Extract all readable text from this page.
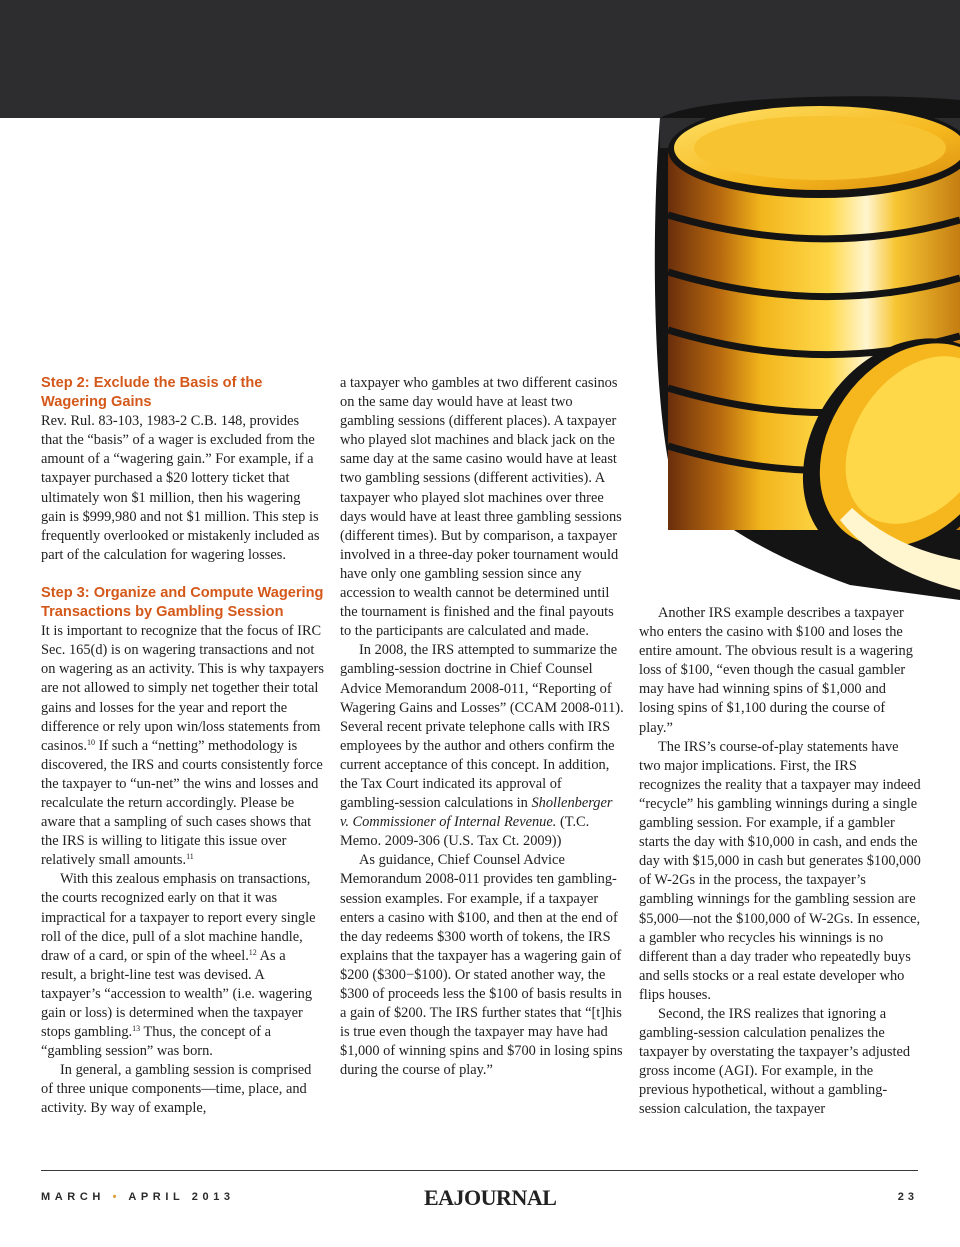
Step 2: Exclude the Basis of the Wagering Gains

Rev. Rul. 83-103, 1983-2 C.B. 148, provides that the “basis” of a wager is excluded from the amount of a “wagering gain.” For example, if a taxpayer purchased a $20 lottery ticket that ultimately won $1 million, then his wagering gain is $999,980 and not $1 million. This step is frequently overlooked or mistakenly included as part of the calculation for wagering losses.

Step 3: Organize and Compute Wagering Transactions by Gambling Session

It is important to recognize that the focus of IRC Sec. 165(d) is on wagering transactions and not on wagering as an activity. This is why taxpayers are not allowed to simply net together their total gains and losses for the year and report the difference or rely upon win/loss statements from casinos.$^{10}$ If such a “netting” methodology is discovered, the IRS and courts consistently force the taxpayer to “un-net” the wins and losses and recalculate the return accordingly. Please be aware that a sampling of such cases shows that the IRS is willing to litigate this issue over relatively small amounts.$^{11}$

With this zealous emphasis on transactions, the courts recognized early on that it was impractical for a taxpayer to report every single roll of the dice, pull of a slot machine handle, draw of a card, or spin of the wheel.$^{12}$ As a result, a bright-line test was devised. A taxpayer’s “accession to wealth” (i.e. wagering gain or loss) is determined when the taxpayer stops gambling.$^{13}$ Thus, the concept of a “gambling session” was born.

In general, a gambling session is comprised of three unique components—time, place, and activity. By way of example,

a taxpayer who gambles at two different casinos on the same day would have at least two gambling sessions (different places). A taxpayer who played slot machines and black jack on the same day at the same casino would have at least two gambling sessions (different activities). A taxpayer who played slot machines over three days would have at least three gambling sessions (different times). But by comparison, a taxpayer involved in a three-day poker tournament would have only one gambling session since any accession to wealth cannot be determined until the tournament is finished and the final payouts to the participants are calculated and made.

In 2008, the IRS attempted to summarize the gambling-session doctrine in Chief Counsel Advice Memorandum 2008-011, “Reporting of Wagering Gains and Losses” (CCAM 2008-011). Several recent private telephone calls with IRS employees by the author and others confirm the current acceptance of this concept. In addition, the Tax Court indicated its approval of gambling-session calculations in Shollenberger v. Commissioner of Internal Revenue. (T.C. Memo. 2009-306 (U.S. Tax Ct. 2009))

As guidance, Chief Counsel Advice Memorandum 2008-011 provides ten gambling-session examples. For example, if a taxpayer enters a casino with $100, and then at the end of the day redeems $300 worth of tokens, the IRS explains that the taxpayer has a wagering gain of $200 ($300−$100). Or stated another way, the $300 of proceeds less the $100 of basis results in a gain of $200. The IRS further states that “[t]his is true even though the taxpayer may have had $1,000 of winning spins and $700 in losing spins during the course of play.”

Another IRS example describes a taxpayer who enters the casino with $100 and loses the entire amount. The obvious result is a wagering loss of $100, “even though the casual gambler may have had winning spins of $1,000 and losing spins of $1,100 during the course of play.”

The IRS’s course-of-play statements have two major implications. First, the IRS recognizes the reality that a taxpayer may indeed “recycle” his gambling winnings during a single gambling session. For example, if a gambler starts the day with $10,000 in cash, and ends the day with $15,000 in cash but generates $100,000 of W-2Gs in the process, the taxpayer’s gambling winnings for the gambling session are $5,000—not the $100,000 of W-2Gs. In essence, a gambler who recycles his winnings is no different than a day trader who repeatedly buys and sells stocks or a real estate developer who flips houses.

Second, the IRS realizes that ignoring a gambling-session calculation penalizes the taxpayer by overstating the taxpayer’s adjusted gross income (AGI). For example, in the previous hypothetical, without a gambling-session calculation, the taxpayer

MARCH • APRIL 2013	EAJOURNAL	23
